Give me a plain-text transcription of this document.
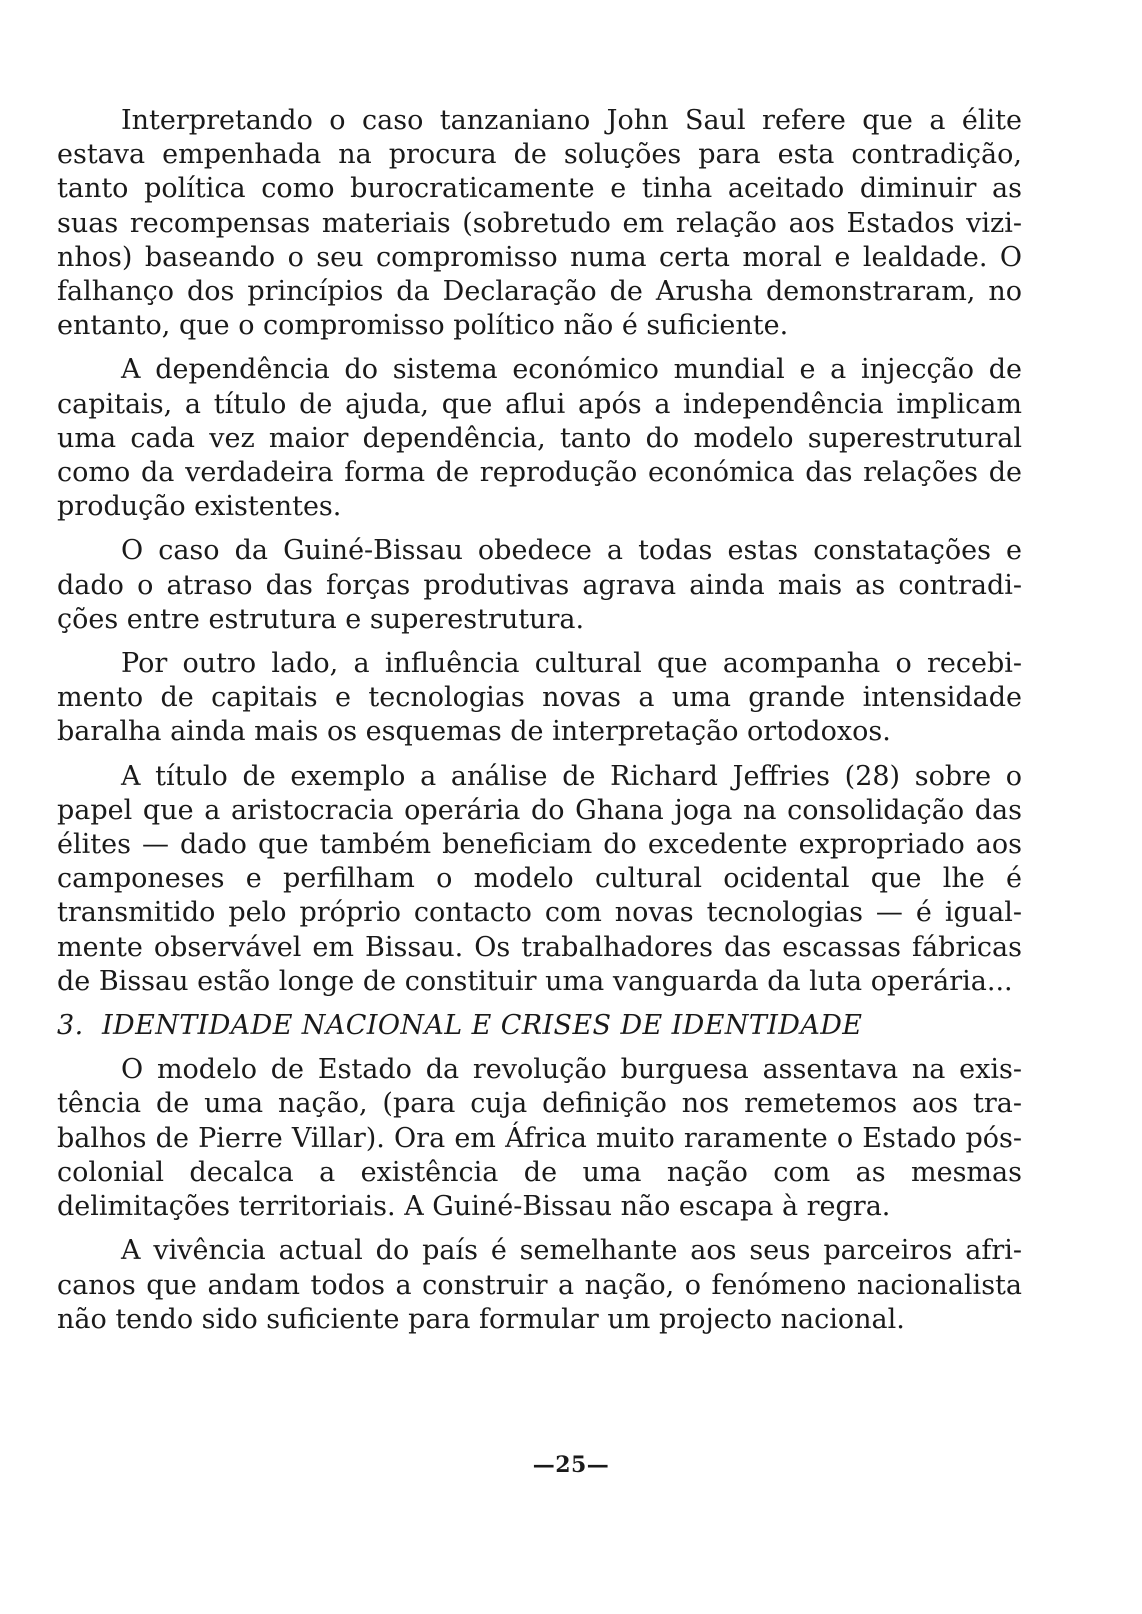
Interpretando o caso tanzaniano John Saul refere que a élite estava empenhada na procura de soluções para esta contradição, tanto política como burocraticamente e tinha aceitado diminuir as suas recompensas materiais (sobretudo em relação aos Estados vizinhos) baseando o seu compromisso numa certa moral e lealdade. O falhanço dos princípios da Declaração de Arusha demonstraram, no entanto, que o compromisso político não é suficiente.

A dependência do sistema económico mundial e a injecção de capitais, a título de ajuda, que aflui após a independência implicam uma cada vez maior dependência, tanto do modelo superestrutural como da verdadeira forma de reprodução económica das relações de produção existentes.

O caso da Guiné-Bissau obedece a todas estas constatações e dado o atraso das forças produtivas agrava ainda mais as contradições entre estrutura e superestrutura.

Por outro lado, a influência cultural que acompanha o recebimento de capitais e tecnologias novas a uma grande intensidade baralha ainda mais os esquemas de interpretação ortodoxos.

A título de exemplo a análise de Richard Jeffries (28) sobre o papel que a aristocracia operária do Ghana joga na consolidação das élites — dado que também beneficiam do excedente expropriado aos camponeses e perfilham o modelo cultural ocidental que lhe é transmitido pelo próprio contacto com novas tecnologias — é igualmente observável em Bissau. Os trabalhadores das escassas fábricas de Bissau estão longe de constituir uma vanguarda da luta operária...

3. IDENTIDADE NACIONAL E CRISES DE IDENTIDADE

O modelo de Estado da revolução burguesa assentava na existência de uma nação, (para cuja definição nos remetemos aos trabalhos de Pierre Villar). Ora em África muito raramente o Estado pós-colonial decalca a existência de uma nação com as mesmas delimitações territoriais. A Guiné-Bissau não escapa à regra.

A vivência actual do país é semelhante aos seus parceiros africanos que andam todos a construir a nação, o fenómeno nacionalista não tendo sido suficiente para formular um projecto nacional.

—25—
